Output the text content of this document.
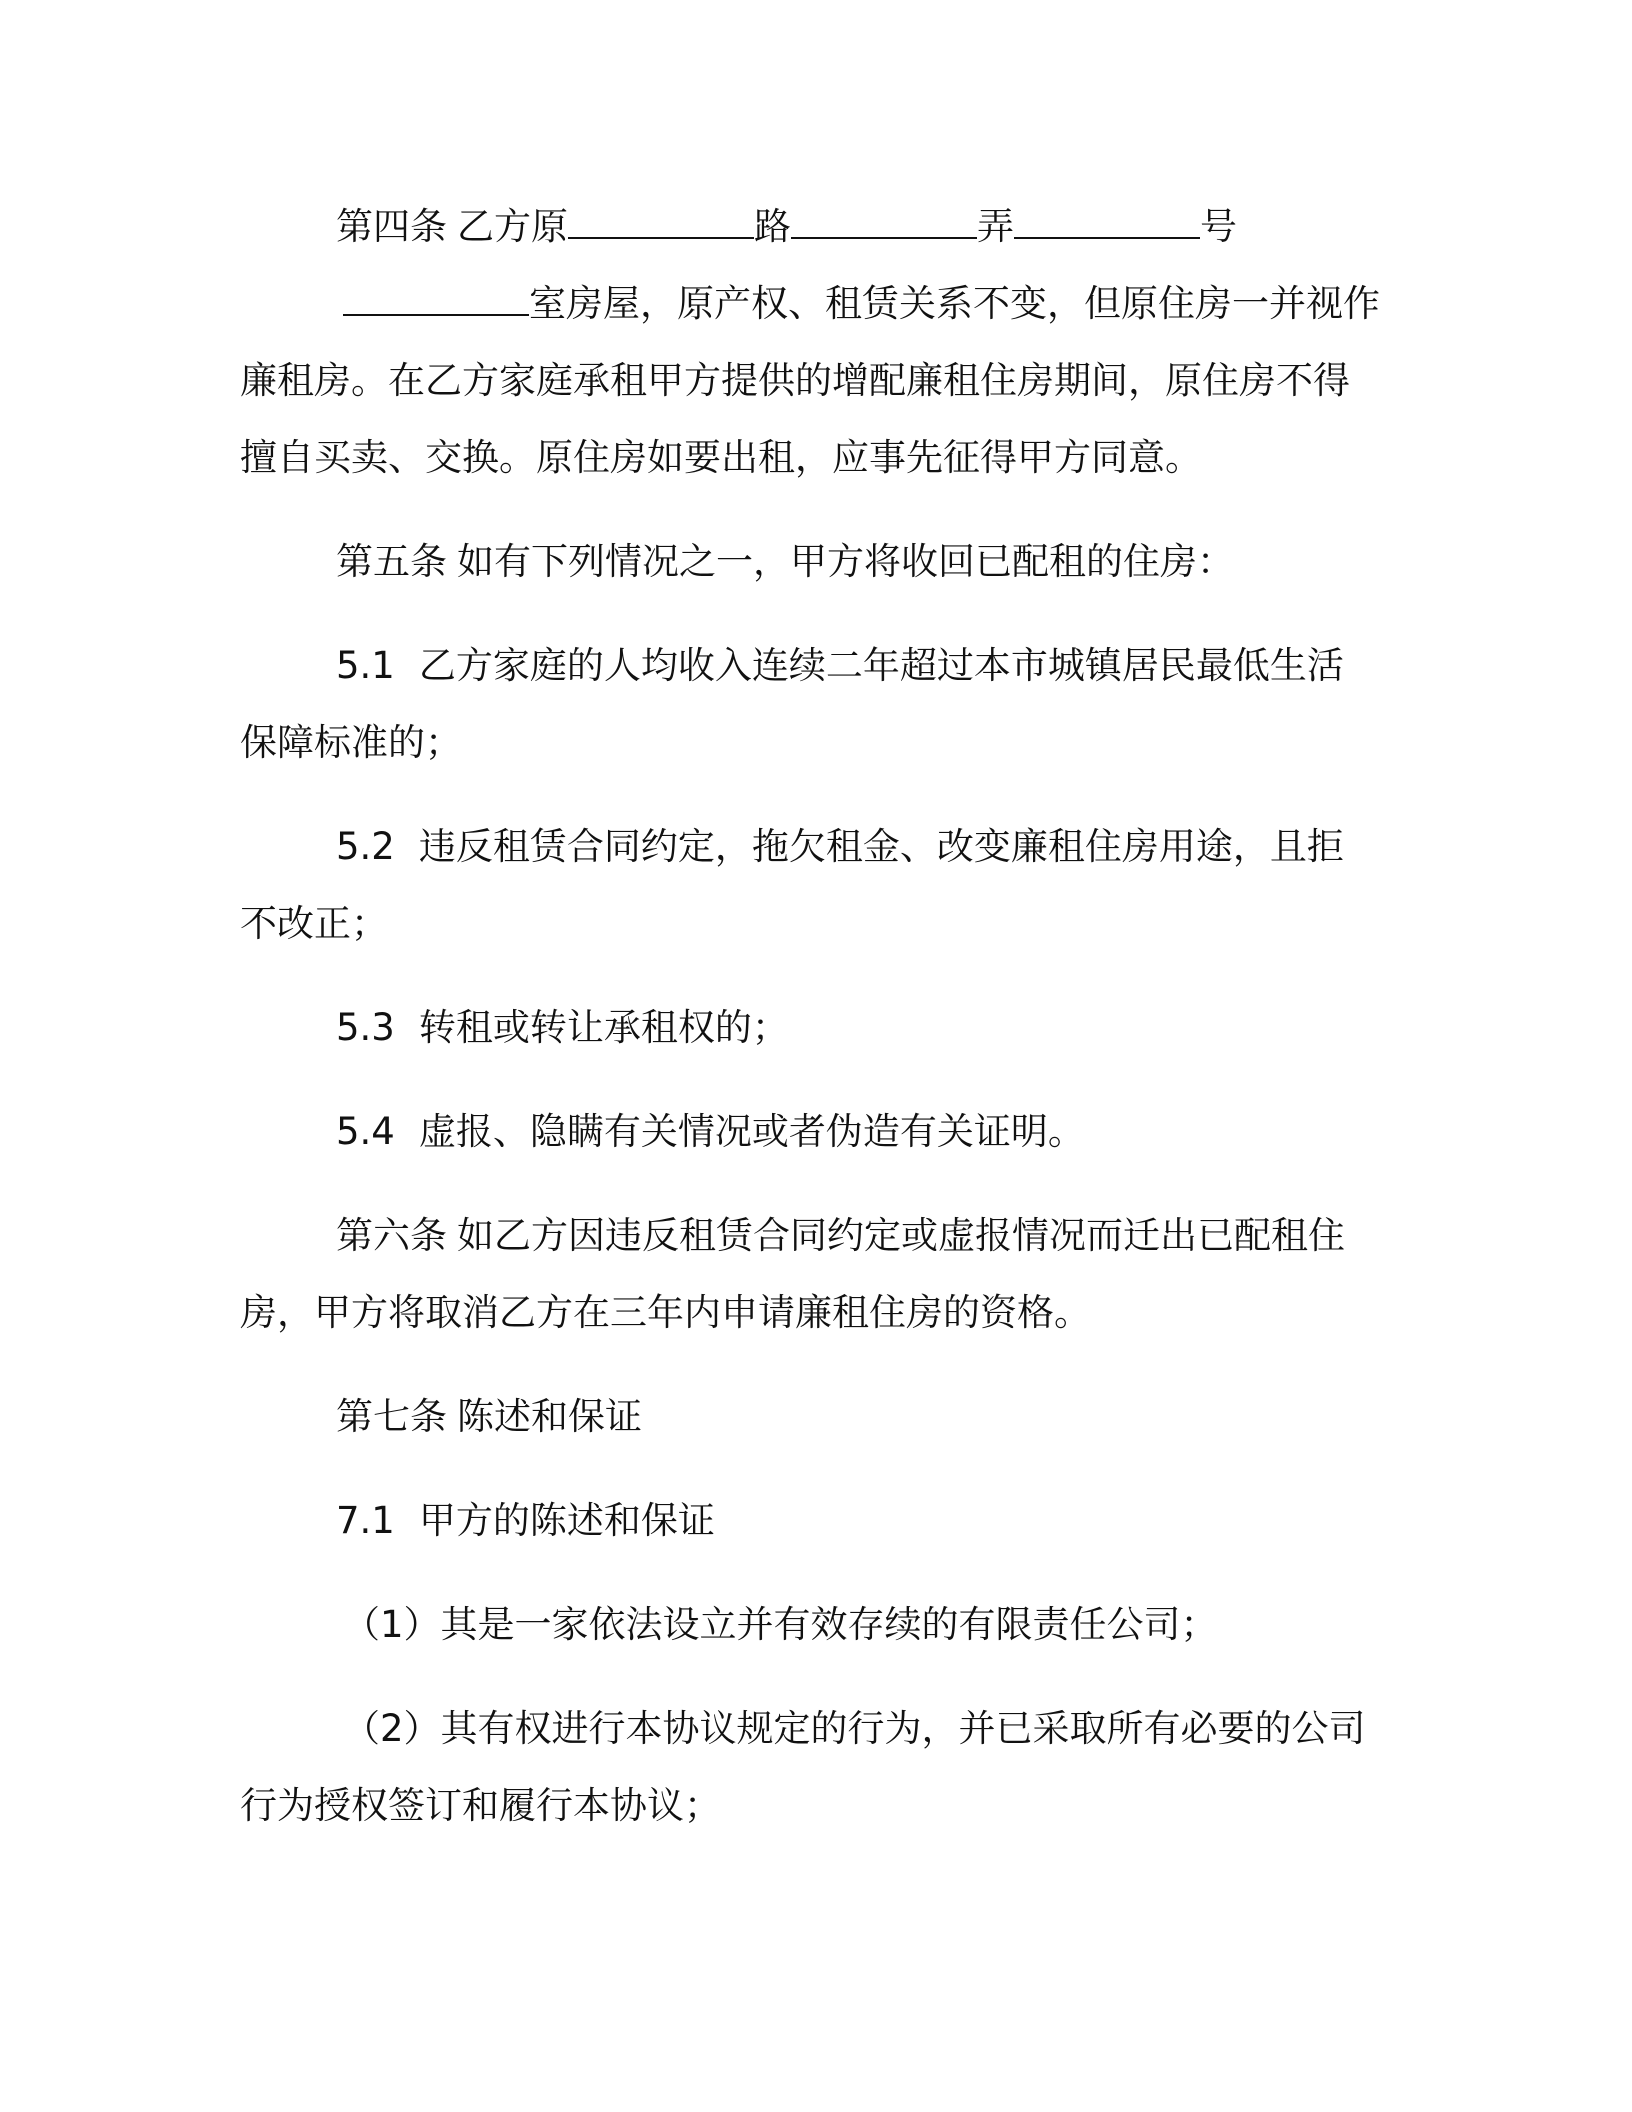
第四条 乙方原	路	弄	号室房屋，原产权、租赁关系不变，但原住房一并视作廉租房。在乙方家庭承租甲方提供的增配廉租住房期间，原住房不得擅自买卖、交换。原住房如要出租，应事先征得甲方同意。

第五条 如有下列情况之一，甲方将收回已配租的住房：

5.1 乙方家庭的人均收入连续二年超过本市城镇居民最低生活保障标准的；

5.2 违反租赁合同约定，拖欠租金、改变廉租住房用途，且拒不改正；

5.3 转租或转让承租权的；

5.4 虚报、隐瞒有关情况或者伪造有关证明。

第六条 如乙方因违反租赁合同约定或虚报情况而迁出已配租住房，甲方将取消乙方在三年内申请廉租住房的资格。

第七条 陈述和保证

7.1 甲方的陈述和保证

（1）其是一家依法设立并有效存续的有限责任公司；

（2）其有权进行本协议规定的行为，并已采取所有必要的公司行为授权签订和履行本协议；
